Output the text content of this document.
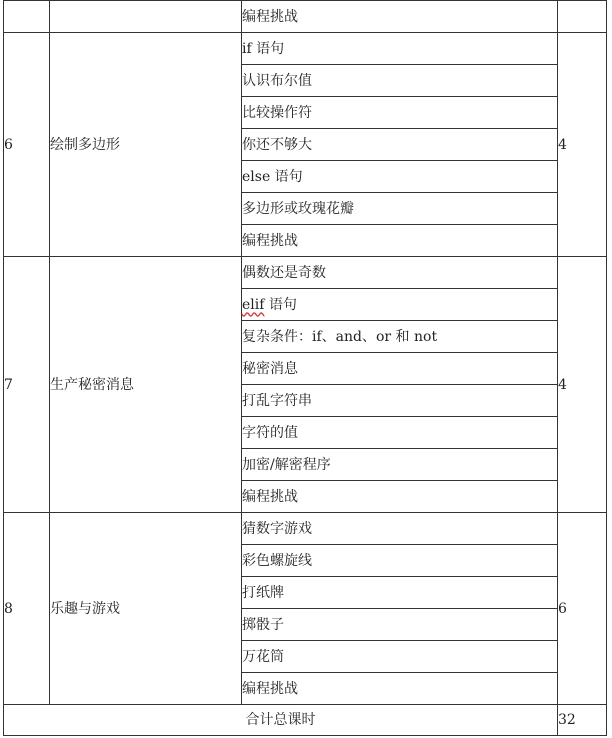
		编程挑战	
6	绘制多边形	if 语句	4
		认识布尔值	
		比较操作符	
		你还不够大	
		else 语句	
		多边形或玫瑰花瓣	
		编程挑战	
7	生产秘密消息	偶数还是奇数	4
		elif 语句	
		复杂条件：if、and、or 和 not	
		秘密消息	
		打乱字符串	
		字符的值	
		加密/解密程序	
		编程挑战	
8	乐趣与游戏	猜数字游戏	6
		彩色螺旋线	
		打纸牌	
		掷骰子	
		万花筒	
		编程挑战	
合计总课时			32
